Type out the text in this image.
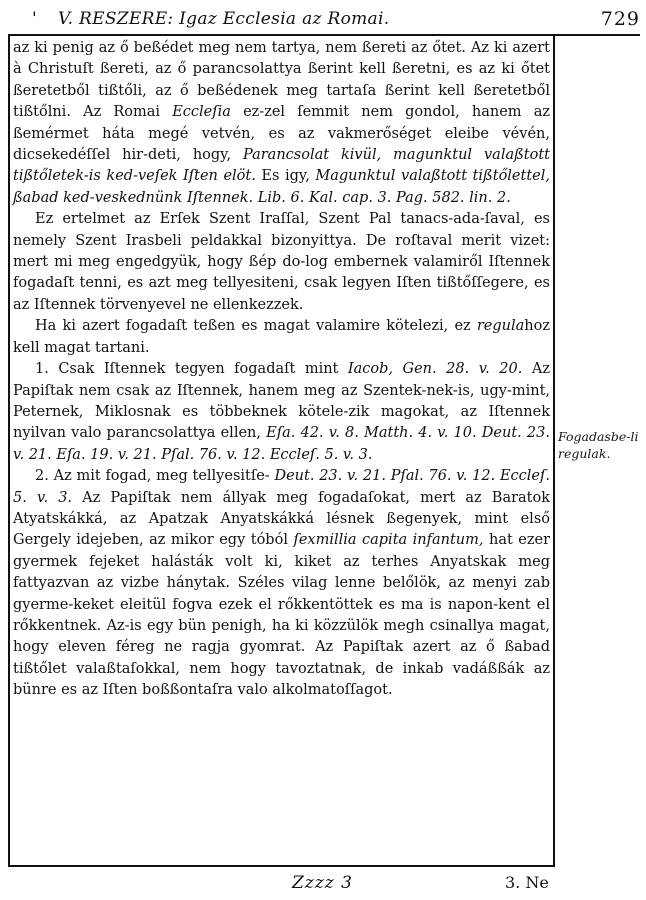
' V. RESZERE: Igaz Ecclesia az Romai.	729

az ki penig az ő beßédet meg nem tartya, nem ßereti az őtet. Az ki azert à Christuſt ßereti, az ő parancsolattya ßerint kell ßeretni, es az ki őtet ßeretetből tißtőli, az ő beßédenek meg tartaſa ßerint kell ßeretetből tißtőlni. Az Romai Eccleſia ez-zel ſemmit nem gondol, hanem az ßemérmet háta megé vetvén, es az vakmerőséget eleibe vévén, dicsekedéſſel hir-deti, hogy, Parancsolat kivül, magunktul valaßtott tißtőletek-is ked-veſek Iſten elöt. Es igy, Magunktul valaßtott tißtőlettel, ßabad ked-veskednünk Iſtennek. Lib. 6. Kal. cap. 3. Pag. 582. lin. 2.

Ez ertelmet az Erſek Szent Iraſſal, Szent Pal tanacs-ada-ſaval, es nemely Szent Irasbeli peldakkal bizonyittya. De roſtaval merit vizet: mert mi meg engedgyük, hogy ßép do-log embernek valamiről Iſtennek fogadaſt tenni, es azt meg tellyesiteni, csak legyen Iſten tißtőſſegere, es az Iſtennek törvenyevel ne ellenkezzek.

Ha ki azert fogadaſt teßen es magat valamire kötelezi, ez regulahoz kell magat tartani.

1. Csak Iſtennek tegyen fogadaſt mint Iacob, Gen. 28. v. 20. Az Papiſtak nem csak az Iſtennek, hanem meg az Szentek-nek-is, ugy-mint, Peternek, Miklosnak es többeknek kötele-zik magokat, az Iſtennek nyilvan valo parancsolattya ellen, Eſa. 42. v. 8. Matth. 4. v. 10. Deut. 23. v. 21. Eſa. 19. v. 21. Pſal. 76. v. 12. Eccleſ. 5. v. 3.

2. Az mit fogad, meg tellyesitſe- Deut. 23. v. 21. Pſal. 76. v. 12. Eccleſ. 5. v. 3. Az Papiſtak nem állyak meg fogadaſokat, mert az Baratok Atyatskákká, az Apatzak Anyatskákká lésnek ßegenyek, mint első Gergely idejeben, az mikor egy tóból ſexmillia capita infantum, hat ezer gyermek fejeket halásták volt ki, kiket az terhes Anyatskak meg fattyazvan az vizbe hánytak. Széles vilag lenne belőlök, az menyi zab gyerme-keket eleitül fogva ezek el rőkkentöttek es ma is napon-kent el rőkkentnek. Az-is egy bün penigh, ha ki közzülök megh csinallya magat, hogy eleven féreg ne ragja gyomrat. Az Papiſtak azert az ő ßabad tißtőlet valaßtaſokkal, nem hogy tavoztatnak, de inkab vadáßßák az bünre es az Iſten boßßontaſra valo alkolmatoſſagot.

Fogadasbe-li regulak.
Zzzz 3	3. Ne
